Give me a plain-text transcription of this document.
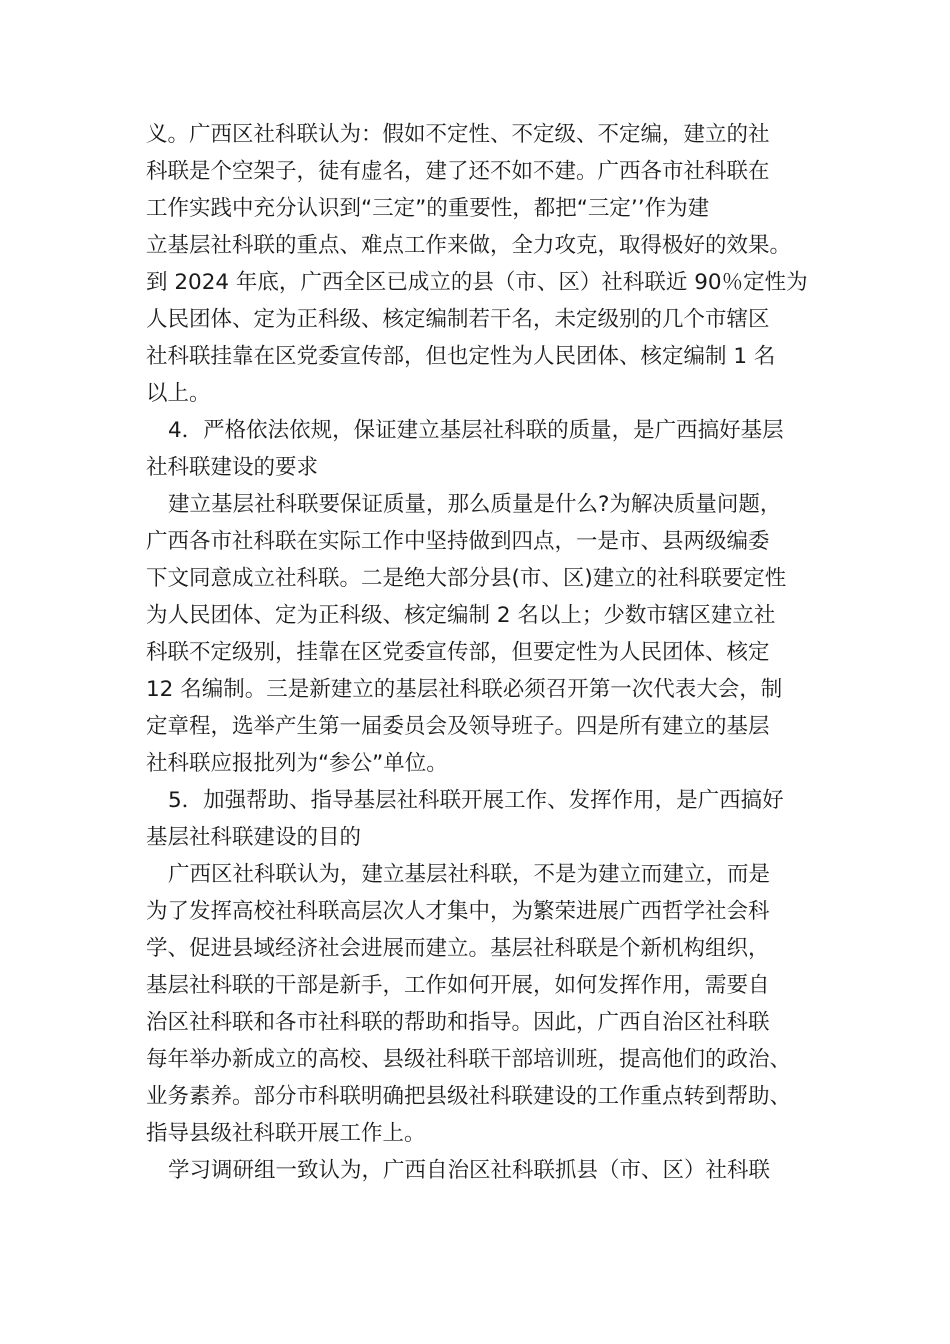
义。广西区社科联认为：假如不定性、不定级、不定编，建立的社
科联是个空架子，徒有虚名，建了还不如不建。广西各市社科联在
工作实践中充分认识到“三定”的重要性，都把“三定’’作为建
立基层社科联的重点、难点工作来做，全力攻克，取得极好的效果。
到 2024 年底，广西全区已成立的县（市、区）社科联近 90％定性为
人民团体、定为正科级、核定编制若干名，未定级别的几个市辖区
社科联挂靠在区党委宣传部，但也定性为人民团体、核定编制 1 名
以上。
4．严格依法依规，保证建立基层社科联的质量，是广西搞好基层
社科联建设的要求
建立基层社科联要保证质量，那么质量是什么?为解决质量问题，
广西各市社科联在实际工作中坚持做到四点，一是市、县两级编委
下文同意成立社科联。二是绝大部分县(市、区)建立的社科联要定性
为人民团体、定为正科级、核定编制 2 名以上；少数市辖区建立社
科联不定级别，挂靠在区党委宣传部，但要定性为人民团体、核定
12 名编制。三是新建立的基层社科联必须召开第一次代表大会，制
定章程，选举产生第一届委员会及领导班子。四是所有建立的基层
社科联应报批列为“参公”单位。
5．加强帮助、指导基层社科联开展工作、发挥作用，是广西搞好
基层社科联建设的目的
广西区社科联认为，建立基层社科联，不是为建立而建立，而是
为了发挥高校社科联高层次人才集中，为繁荣进展广西哲学社会科
学、促进县域经济社会进展而建立。基层社科联是个新机构组织，
基层社科联的干部是新手，工作如何开展，如何发挥作用，需要自
治区社科联和各市社科联的帮助和指导。因此，广西自治区社科联
每年举办新成立的高校、县级社科联干部培训班，提高他们的政治、
业务素养。部分市科联明确把县级社科联建设的工作重点转到帮助、
指导县级社科联开展工作上。
学习调研组一致认为，广西自治区社科联抓县（市、区）社科联
